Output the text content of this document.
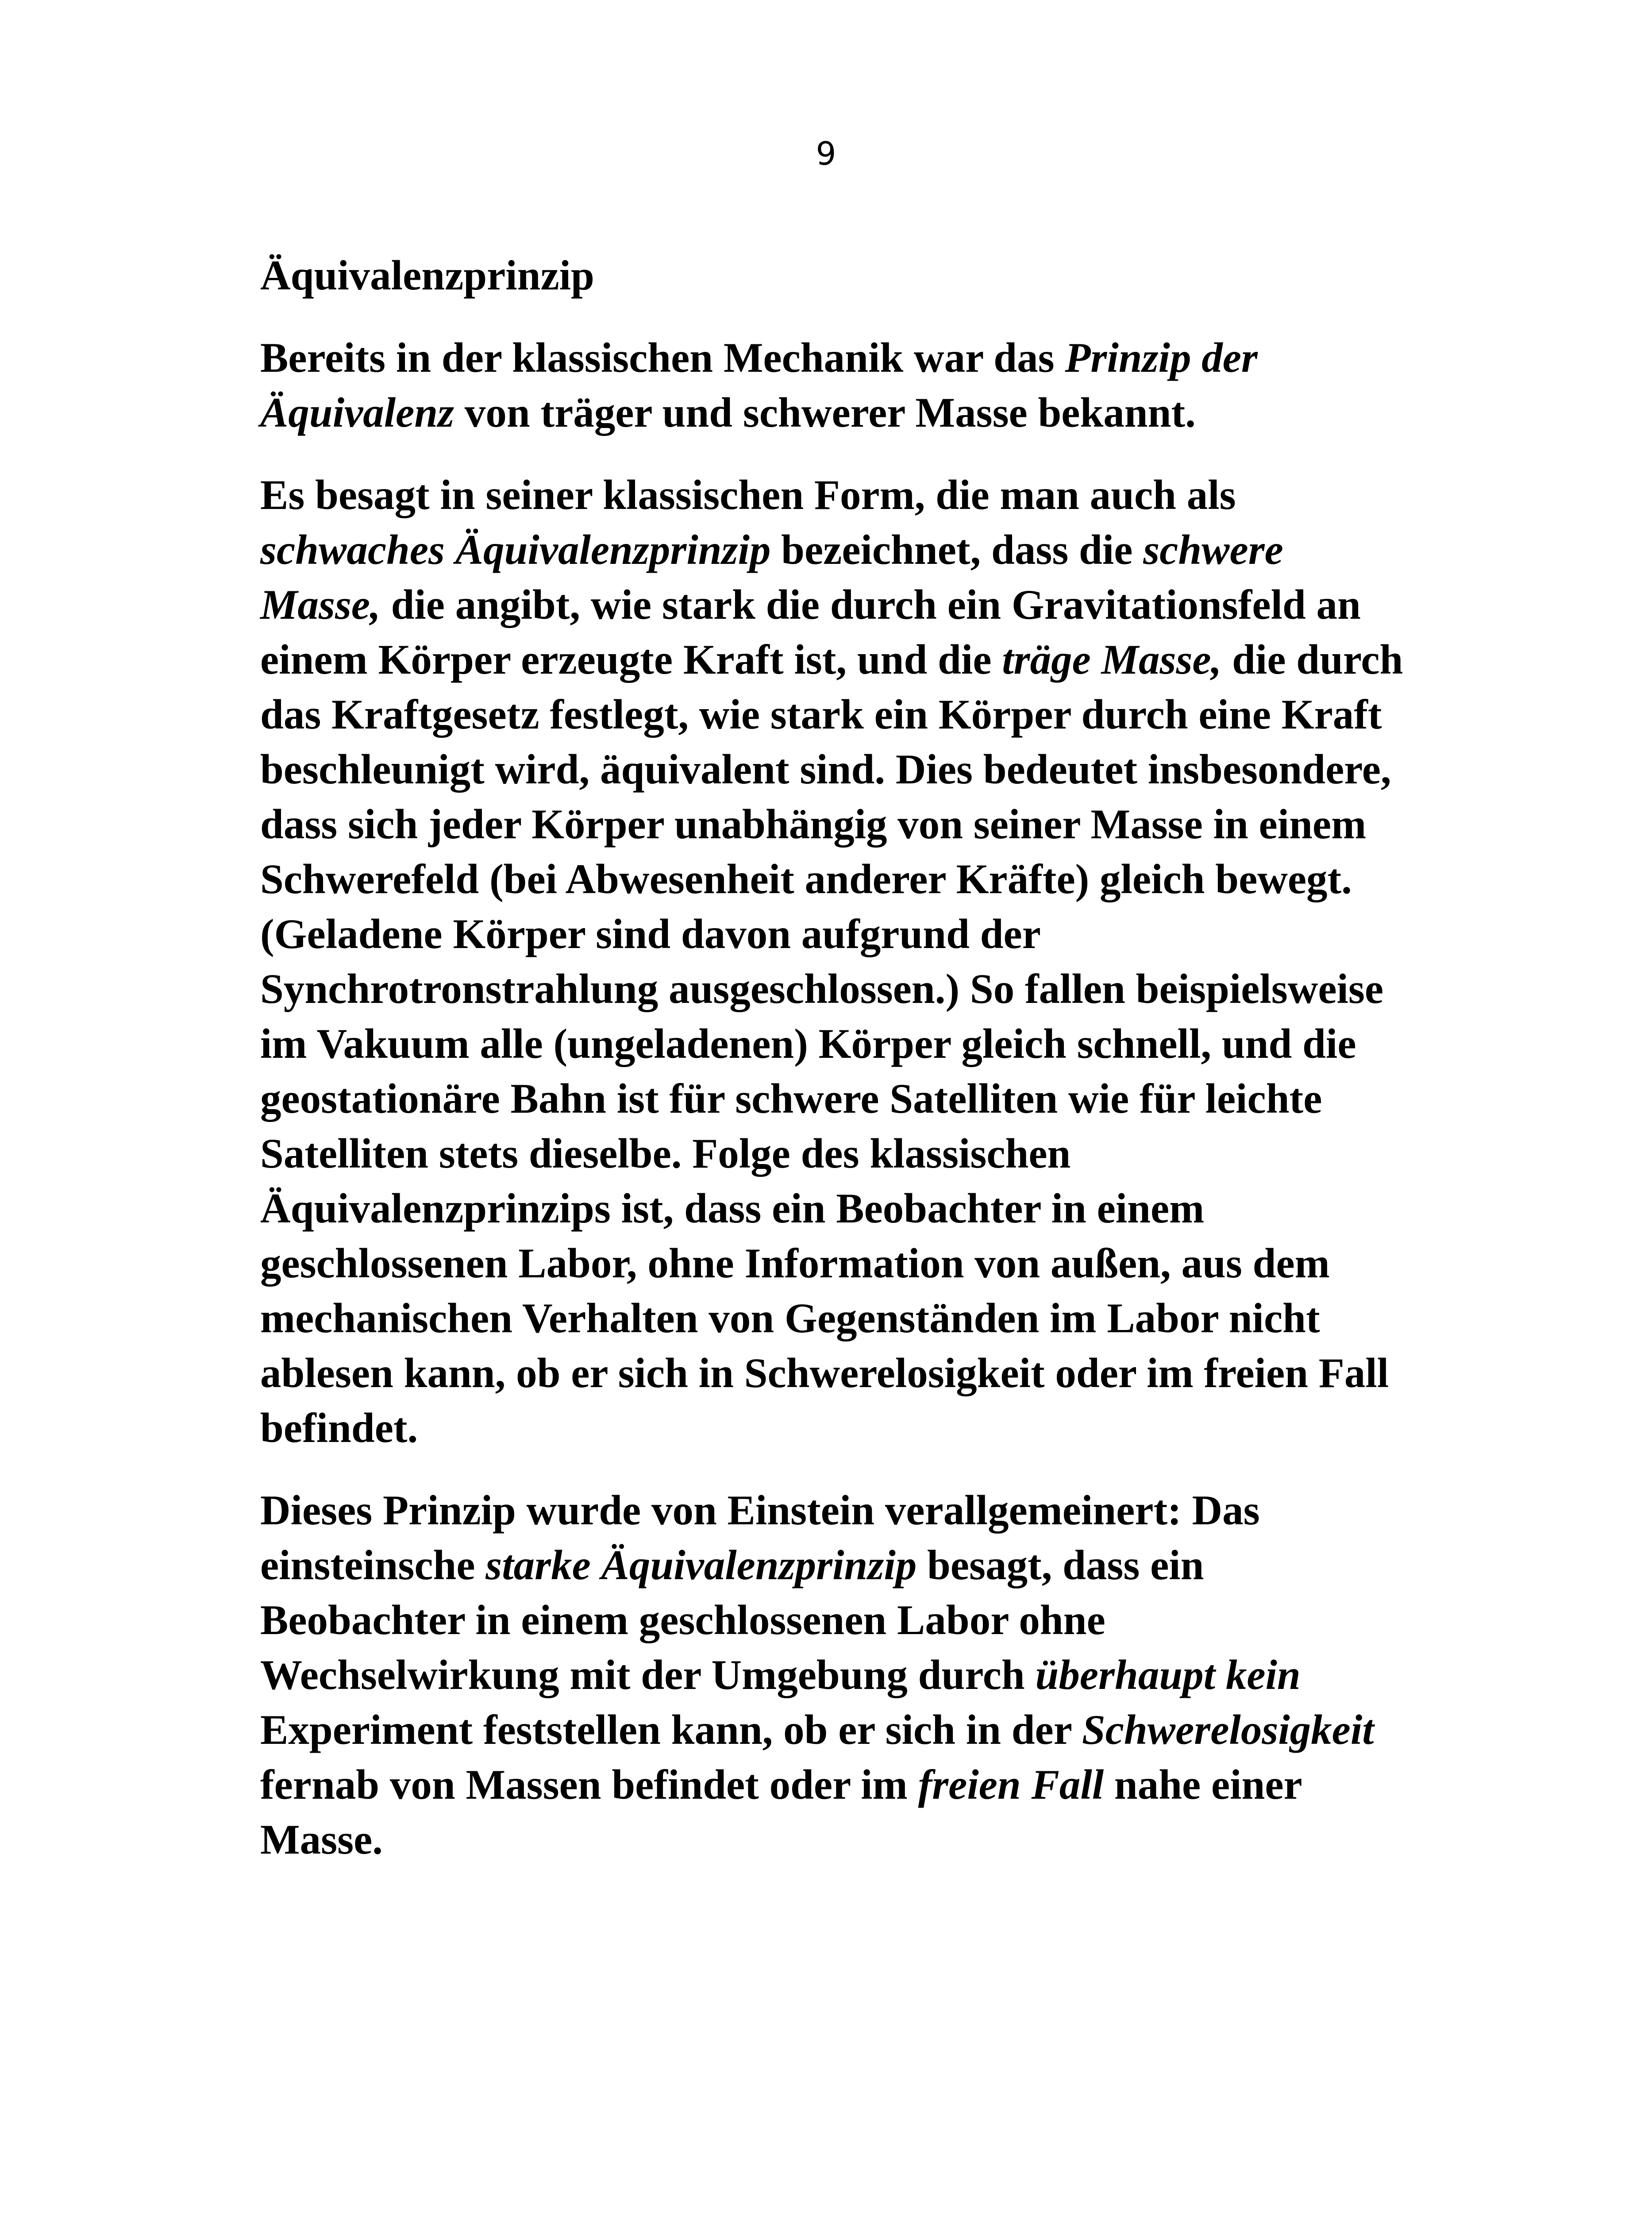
9
Äquivalenzprinzip

Bereits in der klassischen Mechanik war das Prinzip der Äquivalenz von träger und schwerer Masse bekannt.

Es besagt in seiner klassischen Form, die man auch als schwaches Äquivalenzprinzip bezeichnet, dass die schwere Masse, die angibt, wie stark die durch ein Gravitationsfeld an einem Körper erzeugte Kraft ist, und die träge Masse, die durch das Kraftgesetz festlegt, wie stark ein Körper durch eine Kraft beschleunigt wird, äquivalent sind. Dies bedeutet insbesondere, dass sich jeder Körper unabhängig von seiner Masse in einem Schwerefeld (bei Abwesenheit anderer Kräfte) gleich bewegt. (Geladene Körper sind davon aufgrund der Synchrotronstrahlung ausgeschlossen.) So fallen beispielsweise im Vakuum alle (ungeladenen) Körper gleich schnell, und die geostationäre Bahn ist für schwere Satelliten wie für leichte Satelliten stets dieselbe. Folge des klassischen Äquivalenzprinzips ist, dass ein Beobachter in einem geschlossenen Labor, ohne Information von außen, aus dem mechanischen Verhalten von Gegenständen im Labor nicht ablesen kann, ob er sich in Schwerelosigkeit oder im freien Fall befindet.

Dieses Prinzip wurde von Einstein verallgemeinert: Das einsteinsche starke Äquivalenzprinzip besagt, dass ein Beobachter in einem geschlossenen Labor ohne Wechselwirkung mit der Umgebung durch überhaupt kein Experiment feststellen kann, ob er sich in der Schwerelosigkeit fernab von Massen befindet oder im freien Fall nahe einer Masse.
